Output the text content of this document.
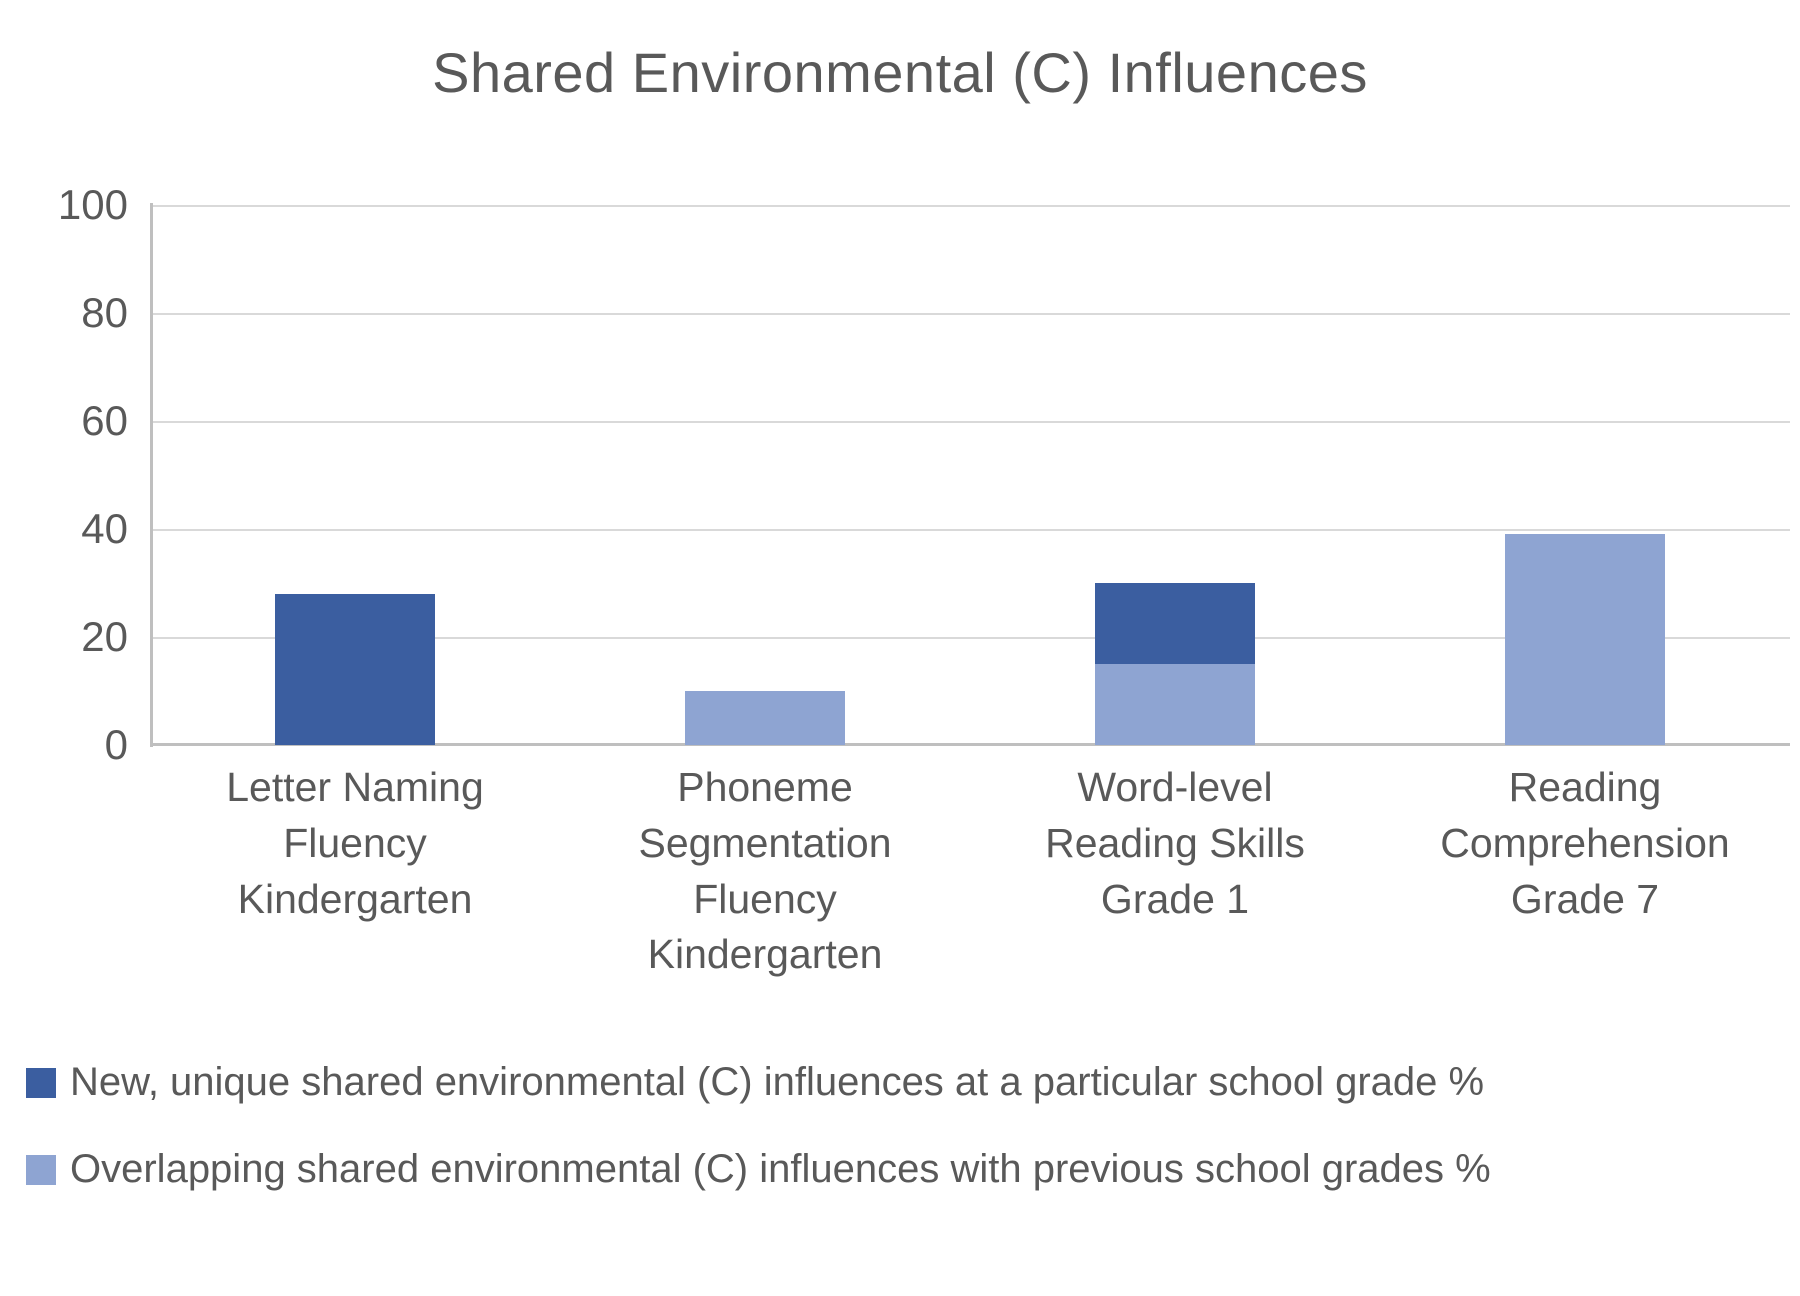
Shared Environmental (C) Influences
0
20
40
60
80
100
Letter Naming
Fluency
Kindergarten
Phoneme
Segmentation
Fluency
Kindergarten
Word-level
Reading Skills
Grade 1
Reading
Comprehension
Grade 7
New, unique shared environmental (C) influences at a particular school grade %
Overlapping shared environmental (C) influences with previous school grades %
